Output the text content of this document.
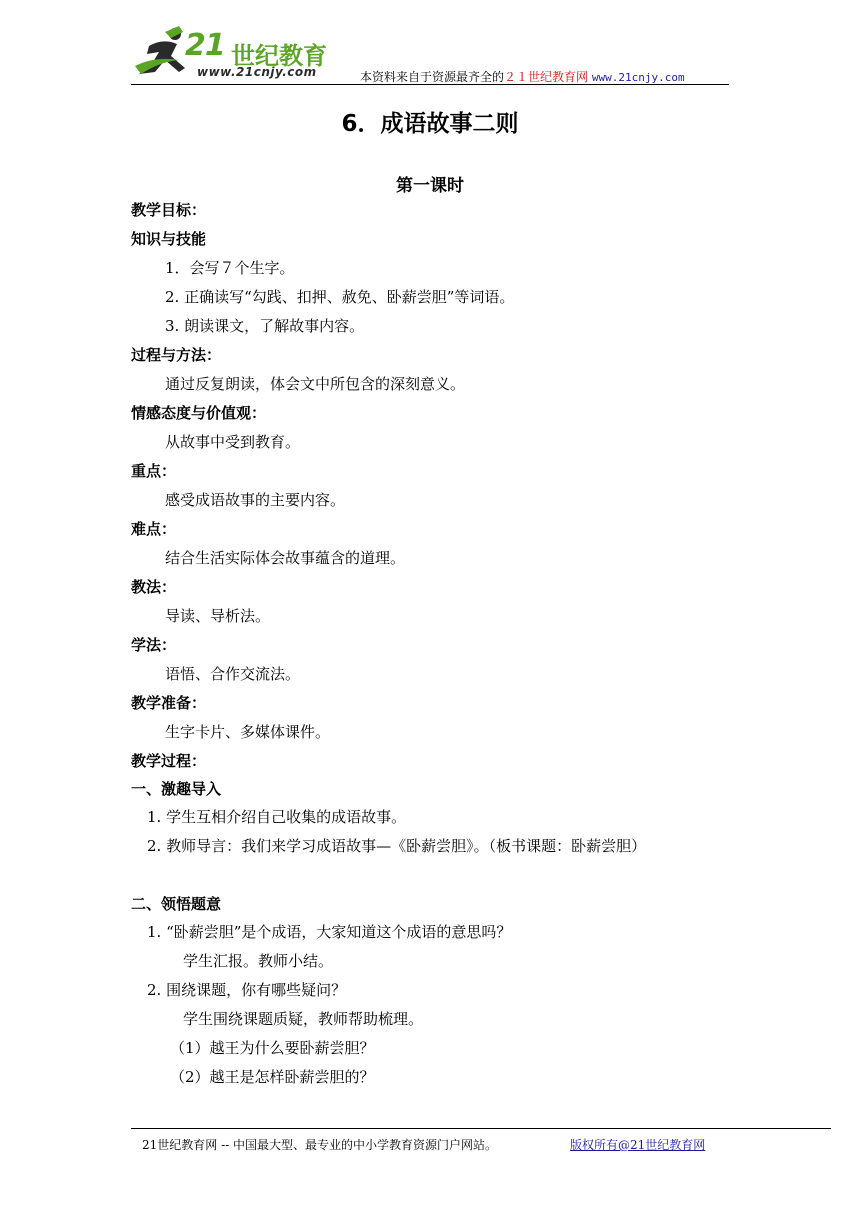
21 世纪教育
www.21cnjy.com	本资料来自于资源最齐全的２１世纪教育网 www.21cnjy.com
6．成语故事二则
第一课时
教学目标：
知识与技能
1．会写７个生字。
2. 正确读写“勾践、扣押、赦免、卧薪尝胆”等词语。
3. 朗读课文，了解故事内容。
过程与方法：
通过反复朗读，体会文中所包含的深刻意义。
情感态度与价值观：
从故事中受到教育。
重点：
感受成语故事的主要内容。
难点：
结合生活实际体会故事蕴含的道理。
教法：
导读、导析法。
学法：
语悟、合作交流法。
教学准备：
生字卡片、多媒体课件。
教学过程：
一、激趣导入
1. 学生互相介绍自己收集的成语故事。
2. 教师导言：我们来学习成语故事—《卧薪尝胆》。（板书课题：卧薪尝胆）
二、领悟题意
1. “卧薪尝胆”是个成语，大家知道这个成语的意思吗？
学生汇报。教师小结。
2. 围绕课题，你有哪些疑问？
学生围绕课题质疑，教师帮助梳理。
（1）越王为什么要卧薪尝胆？
（2）越王是怎样卧薪尝胆的？
21世纪教育网 -- 中国最大型、最专业的中小学教育资源门户网站。	版权所有@21世纪教育网
